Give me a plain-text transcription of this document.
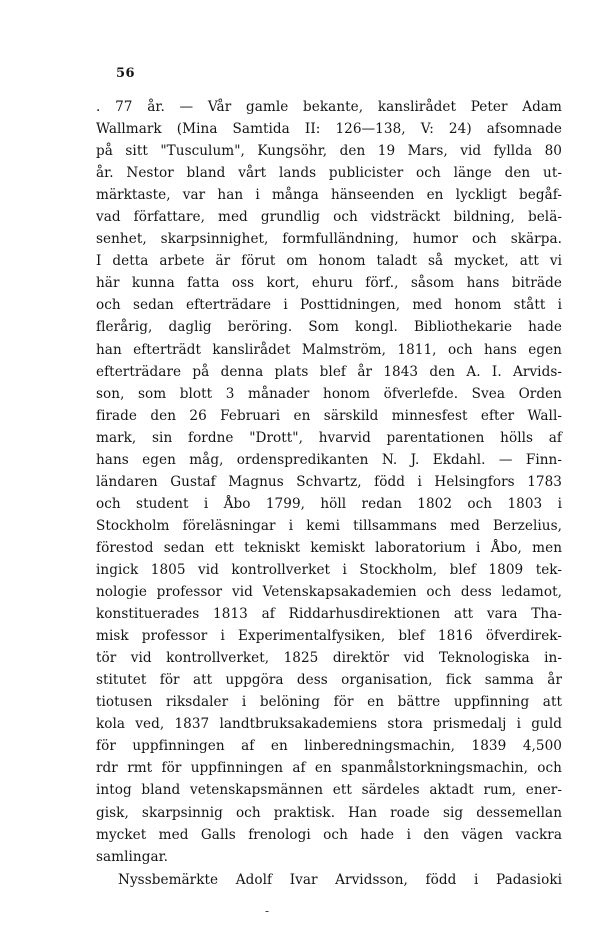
56
. 77 år. — Vår gamle bekante, kanslirådet Peter Adam
Wallmark (Mina Samtida II: 126—138, V: 24) afsomnade
på sitt "Tusculum", Kungsöhr, den 19 Mars, vid fyllda 80
år. Nestor bland vårt lands publicister och länge den ut-
märktaste, var han i många hänseenden en lyckligt begåf-
vad författare, med grundlig och vidsträckt bildning, belä-
senhet, skarpsinnighet, formfulländning, humor och skärpa.
I detta arbete är förut om honom taladt så mycket, att vi
här kunna fatta oss kort, ehuru förf., såsom hans biträde
och sedan efterträdare i Posttidningen, med honom stått i
flerårig, daglig beröring. Som kongl. Bibliothekarie hade
han efterträdt kanslirådet Malmström, 1811, och hans egen
efterträdare på denna plats blef år 1843 den A. I. Arvids-
son, som blott 3 månader honom öfverlefde. Svea Orden
firade den 26 Februari en särskild minnesfest efter Wall-
mark, sin fordne "Drott", hvarvid parentationen hölls af
hans egen måg, ordenspredikanten N. J. Ekdahl. — Finn-
ländaren Gustaf Magnus Schvartz, född i Helsingfors 1783
och student i Åbo 1799, höll redan 1802 och 1803 i
Stockholm föreläsningar i kemi tillsammans med Berzelius,
förestod sedan ett tekniskt kemiskt laboratorium i Åbo, men
ingick 1805 vid kontrollverket i Stockholm, blef 1809 tek-
nologie professor vid Vetenskapsakademien och dess ledamot,
konstituerades 1813 af Riddarhusdirektionen att vara Tha-
misk professor i Experimentalfysiken, blef 1816 öfverdirek-
tör vid kontrollverket, 1825 direktör vid Teknologiska in-
stitutet för att uppgöra dess organisation, fick samma år
tiotusen riksdaler i belöning för en bättre uppfinning att
kola ved, 1837 landtbruksakademiens stora prismedalj i guld
för uppfinningen af en linberedningsmachin, 1839 4,500
rdr rmt för uppfinningen af en spanmålstorkningsmachin, och
intog bland vetenskapsmännen ett särdeles aktadt rum, ener-
gisk, skarpsinnig och praktisk. Han roade sig dessemellan
mycket med Galls frenologi och hade i den vägen vackra
samlingar.
Nyssbemärkte Adolf Ivar Arvidsson, född i Padasioki
-
